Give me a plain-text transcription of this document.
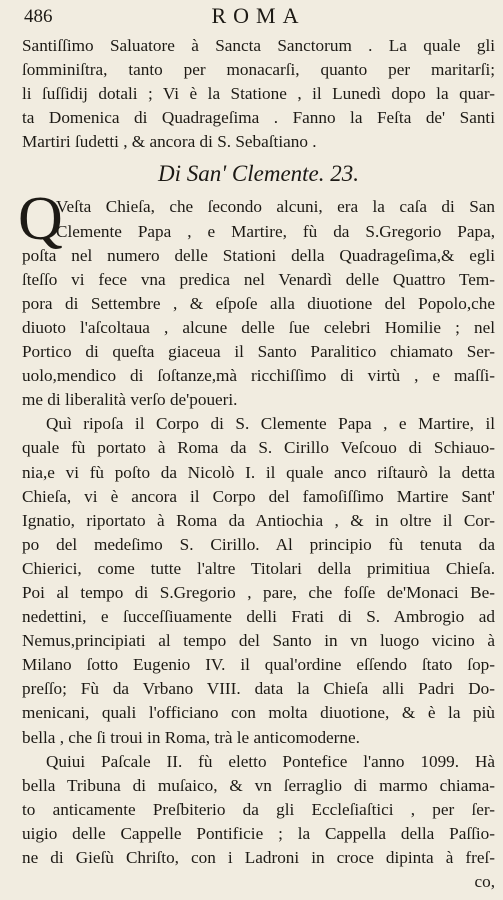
486	ROMA
Santiſſimo Saluatore à Sancta Sanctorum . La quale gli
ſomminiſtra, tanto per monacarſi, quanto per maritarſi;
li ſuſſidij dotali ; Vi è la Statione , il Lunedì dopo la quar-
ta Domenica di Quadrageſima . Fanno la Feſta de' Santi
Martiri ſudetti , & ancora di S. Sebaſtiano .
Di San' Clemente. 23.
Q
Veſta Chieſa, che ſecondo alcuni, era la caſa di San
Clemente Papa , e Martire, fù da S.Gregorio Papa,
poſta nel numero delle Stationi della Quadrageſima,& egli
ſteſſo vi fece vna predica nel Venardì delle Quattro Tem-
pora di Settembre , & eſpoſe alla diuotione del Popolo,che
diuoto l'aſcoltaua , alcune delle ſue celebri Homilie ; nel
Portico di queſta giaceua il Santo Paralitico chiamato Ser-
uolo,mendico di ſoſtanze,mà ricchiſſimo di virtù , e maſſi-
me di liberalità verſo de'poueri.
Quì ripoſa il Corpo di S. Clemente Papa , e Martire, il
quale fù portato à Roma da S. Cirillo Veſcouo di Schiauo-
nia,e vi fù poſto da Nicolò I. il quale anco riſtaurò la detta
Chieſa, vi è ancora il Corpo del famoſiſſimo Martire Sant'
Ignatio, riportato à Roma da Antiochia , & in oltre il Cor-
po del medeſimo S. Cirillo. Al principio fù tenuta da
Chierici, come tutte l'altre Titolari della primitiua Chieſa.
Poi al tempo di S.Gregorio , pare, che foſſe de'Monaci Be-
nedettini, e ſucceſſiuamente delli Frati di S. Ambrogio ad
Nemus,principiati al tempo del Santo in vn luogo vicino à
Milano ſotto Eugenio IV. il qual'ordine eſſendo ſtato ſop-
preſſo; Fù da Vrbano VIII. data la Chieſa alli Padri Do-
menicani, quali l'officiano con molta diuotione, & è la più
bella , che ſi troui in Roma, trà le anticomoderne.
Quiui Paſcale II. fù eletto Pontefice l'anno 1099. Hà
bella Tribuna di muſaico, & vn ſerraglio di marmo chiama-
to anticamente Preſbiterio da gli Eccleſiaſtici , per ſer-
uigio delle Cappelle Pontificie ; la Cappella della Paſſio-
ne di Gieſù Chriſto, con i Ladroni in croce dipinta à freſ-
co,
